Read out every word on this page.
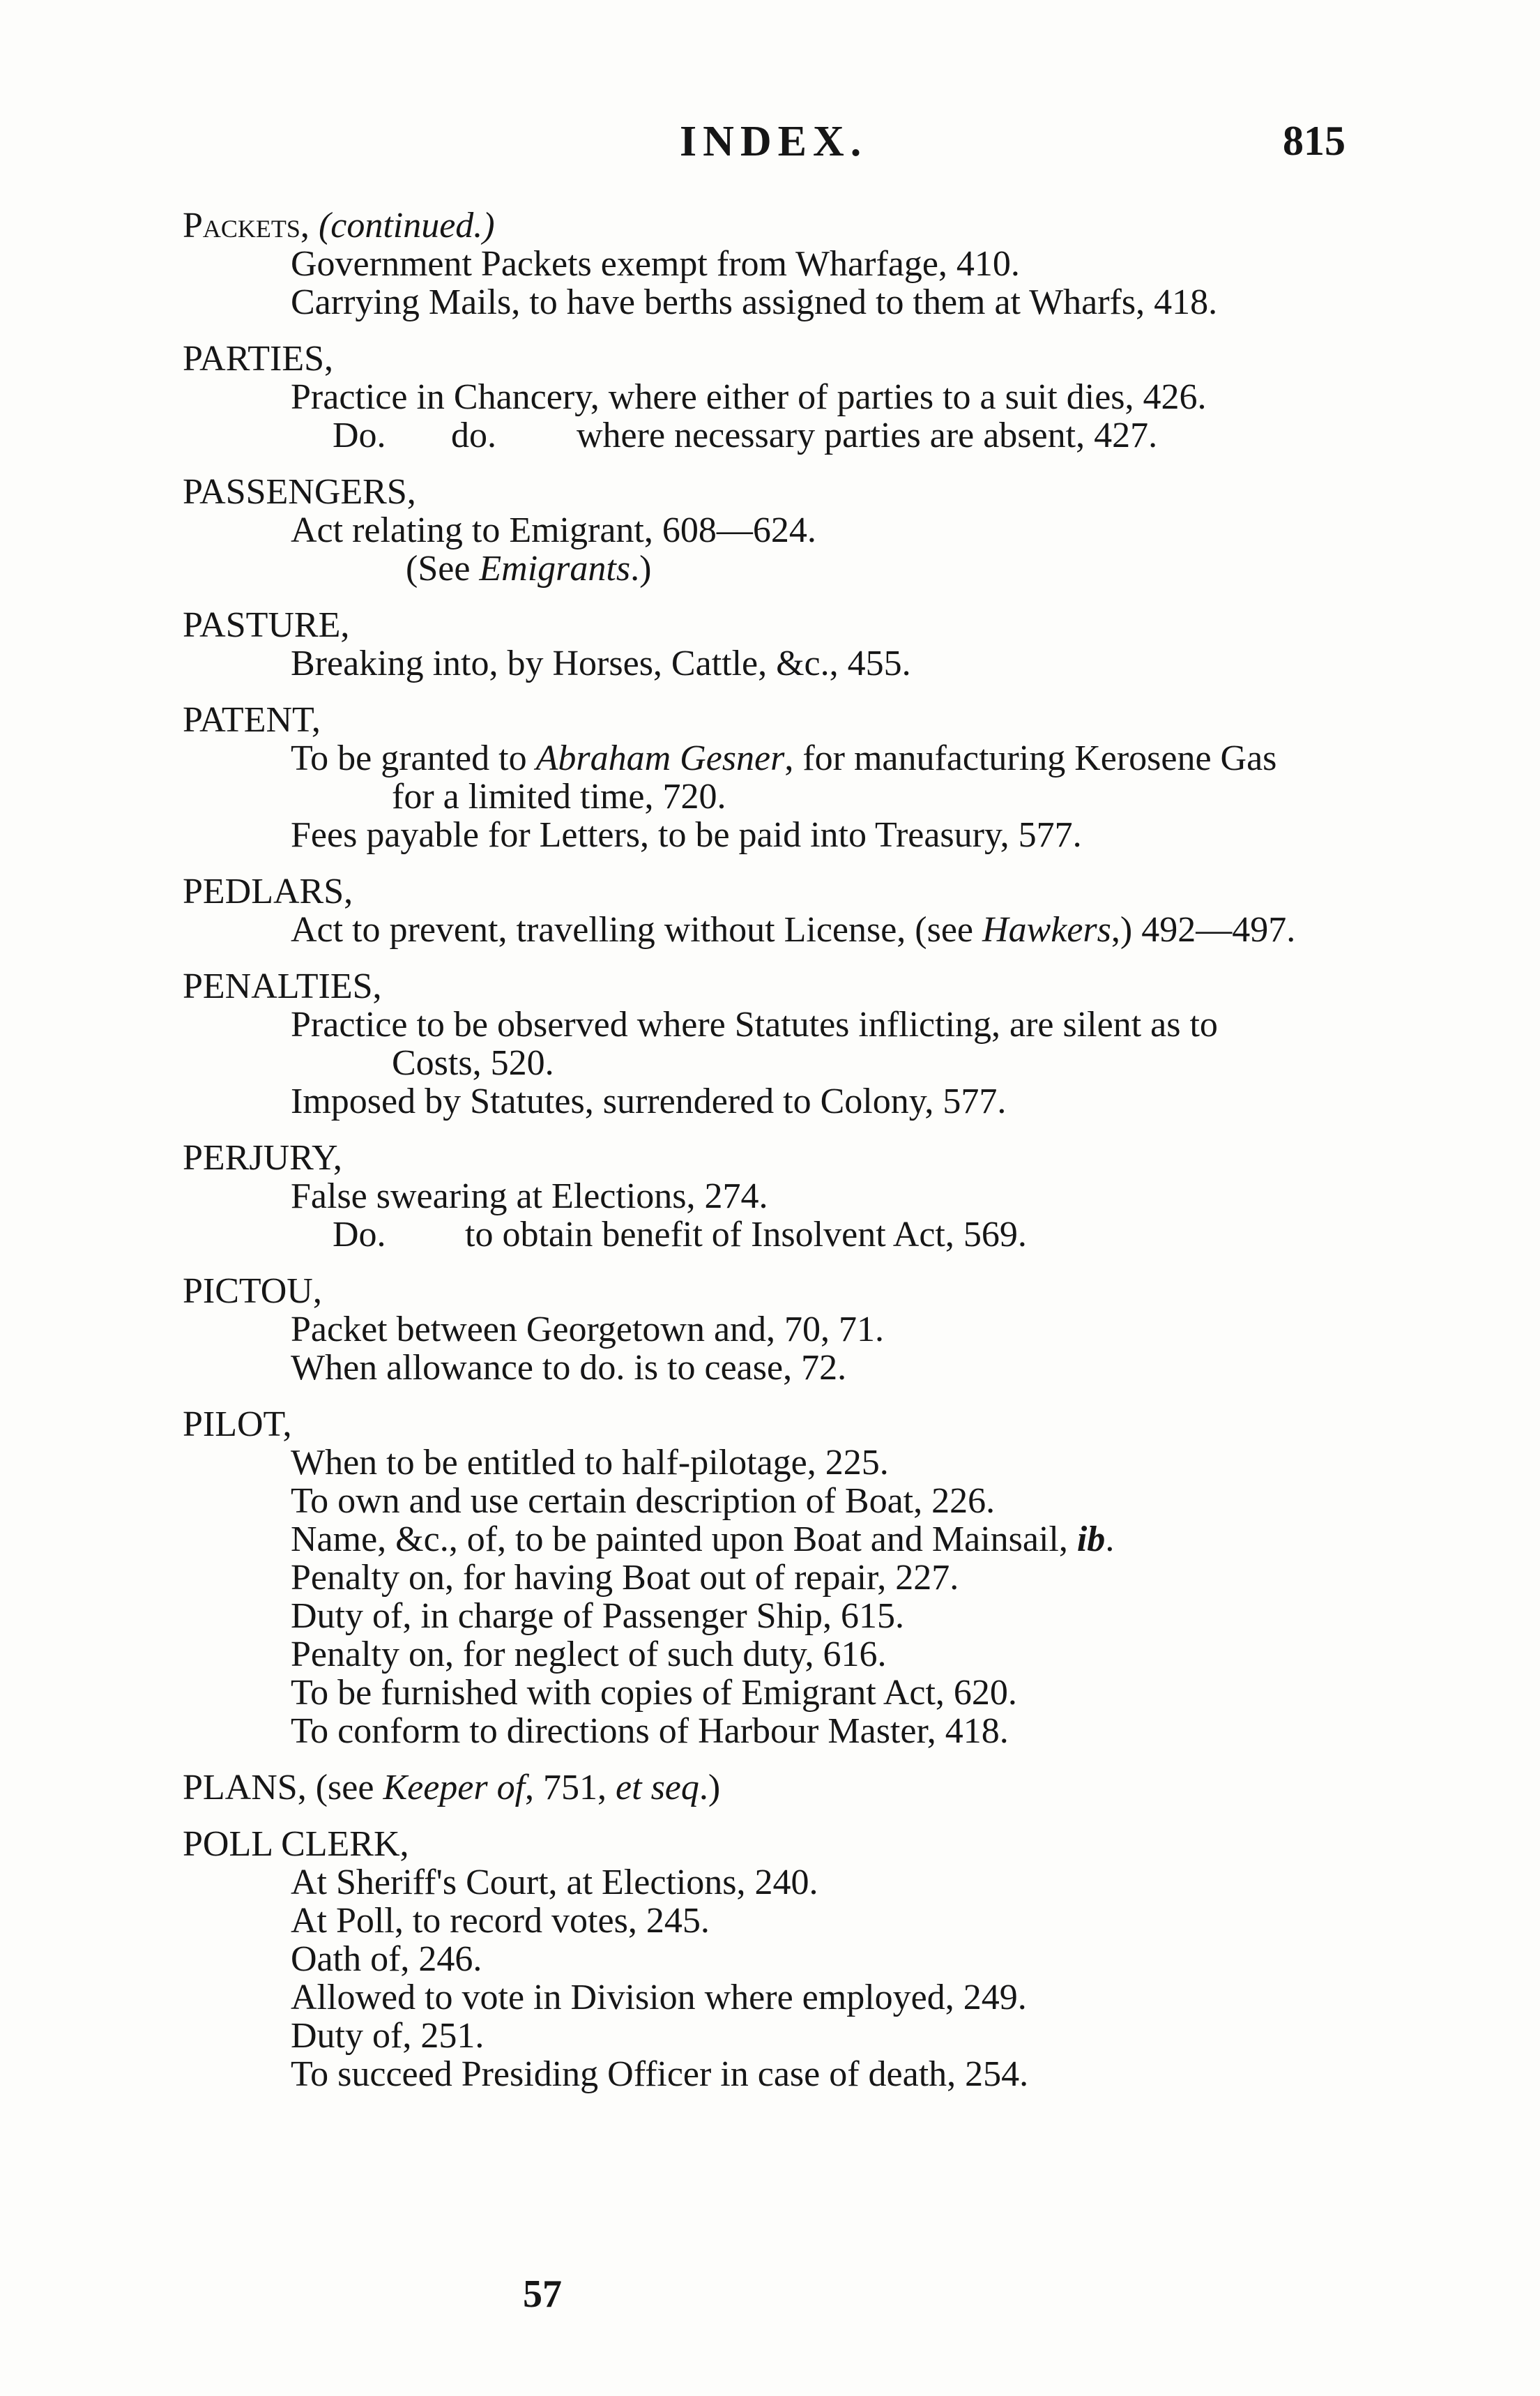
INDEX.	815
Packets, (continued.)
Government Packets exempt from Wharfage, 410.
Carrying Mails, to have berths assigned to them at Wharfs, 418.
PARTIES,
Practice in Chancery, where either of parties to a suit dies, 426.
Do. do. where necessary parties are absent, 427.
PASSENGERS,
Act relating to Emigrant, 608—624.
(See Emigrants.)
PASTURE,
Breaking into, by Horses, Cattle, &c., 455.
PATENT,
To be granted to Abraham Gesner, for manufacturing Kerosene Gas
for a limited time, 720.
Fees payable for Letters, to be paid into Treasury, 577.
PEDLARS,
Act to prevent, travelling without License, (see Hawkers,) 492—497.
PENALTIES,
Practice to be observed where Statutes inflicting, are silent as to
Costs, 520.
Imposed by Statutes, surrendered to Colony, 577.
PERJURY,
False swearing at Elections, 274.
Do. to obtain benefit of Insolvent Act, 569.
PICTOU,
Packet between Georgetown and, 70, 71.
When allowance to do. is to cease, 72.
PILOT,
When to be entitled to half-pilotage, 225.
To own and use certain description of Boat, 226.
Name, &c., of, to be painted upon Boat and Mainsail, ib.
Penalty on, for having Boat out of repair, 227.
Duty of, in charge of Passenger Ship, 615.
Penalty on, for neglect of such duty, 616.
To be furnished with copies of Emigrant Act, 620.
To conform to directions of Harbour Master, 418.
PLANS, (see Keeper of, 751, et seq.)
POLL CLERK,
At Sheriff's Court, at Elections, 240.
At Poll, to record votes, 245.
Oath of, 246.
Allowed to vote in Division where employed, 249.
Duty of, 251.
To succeed Presiding Officer in case of death, 254.
57
